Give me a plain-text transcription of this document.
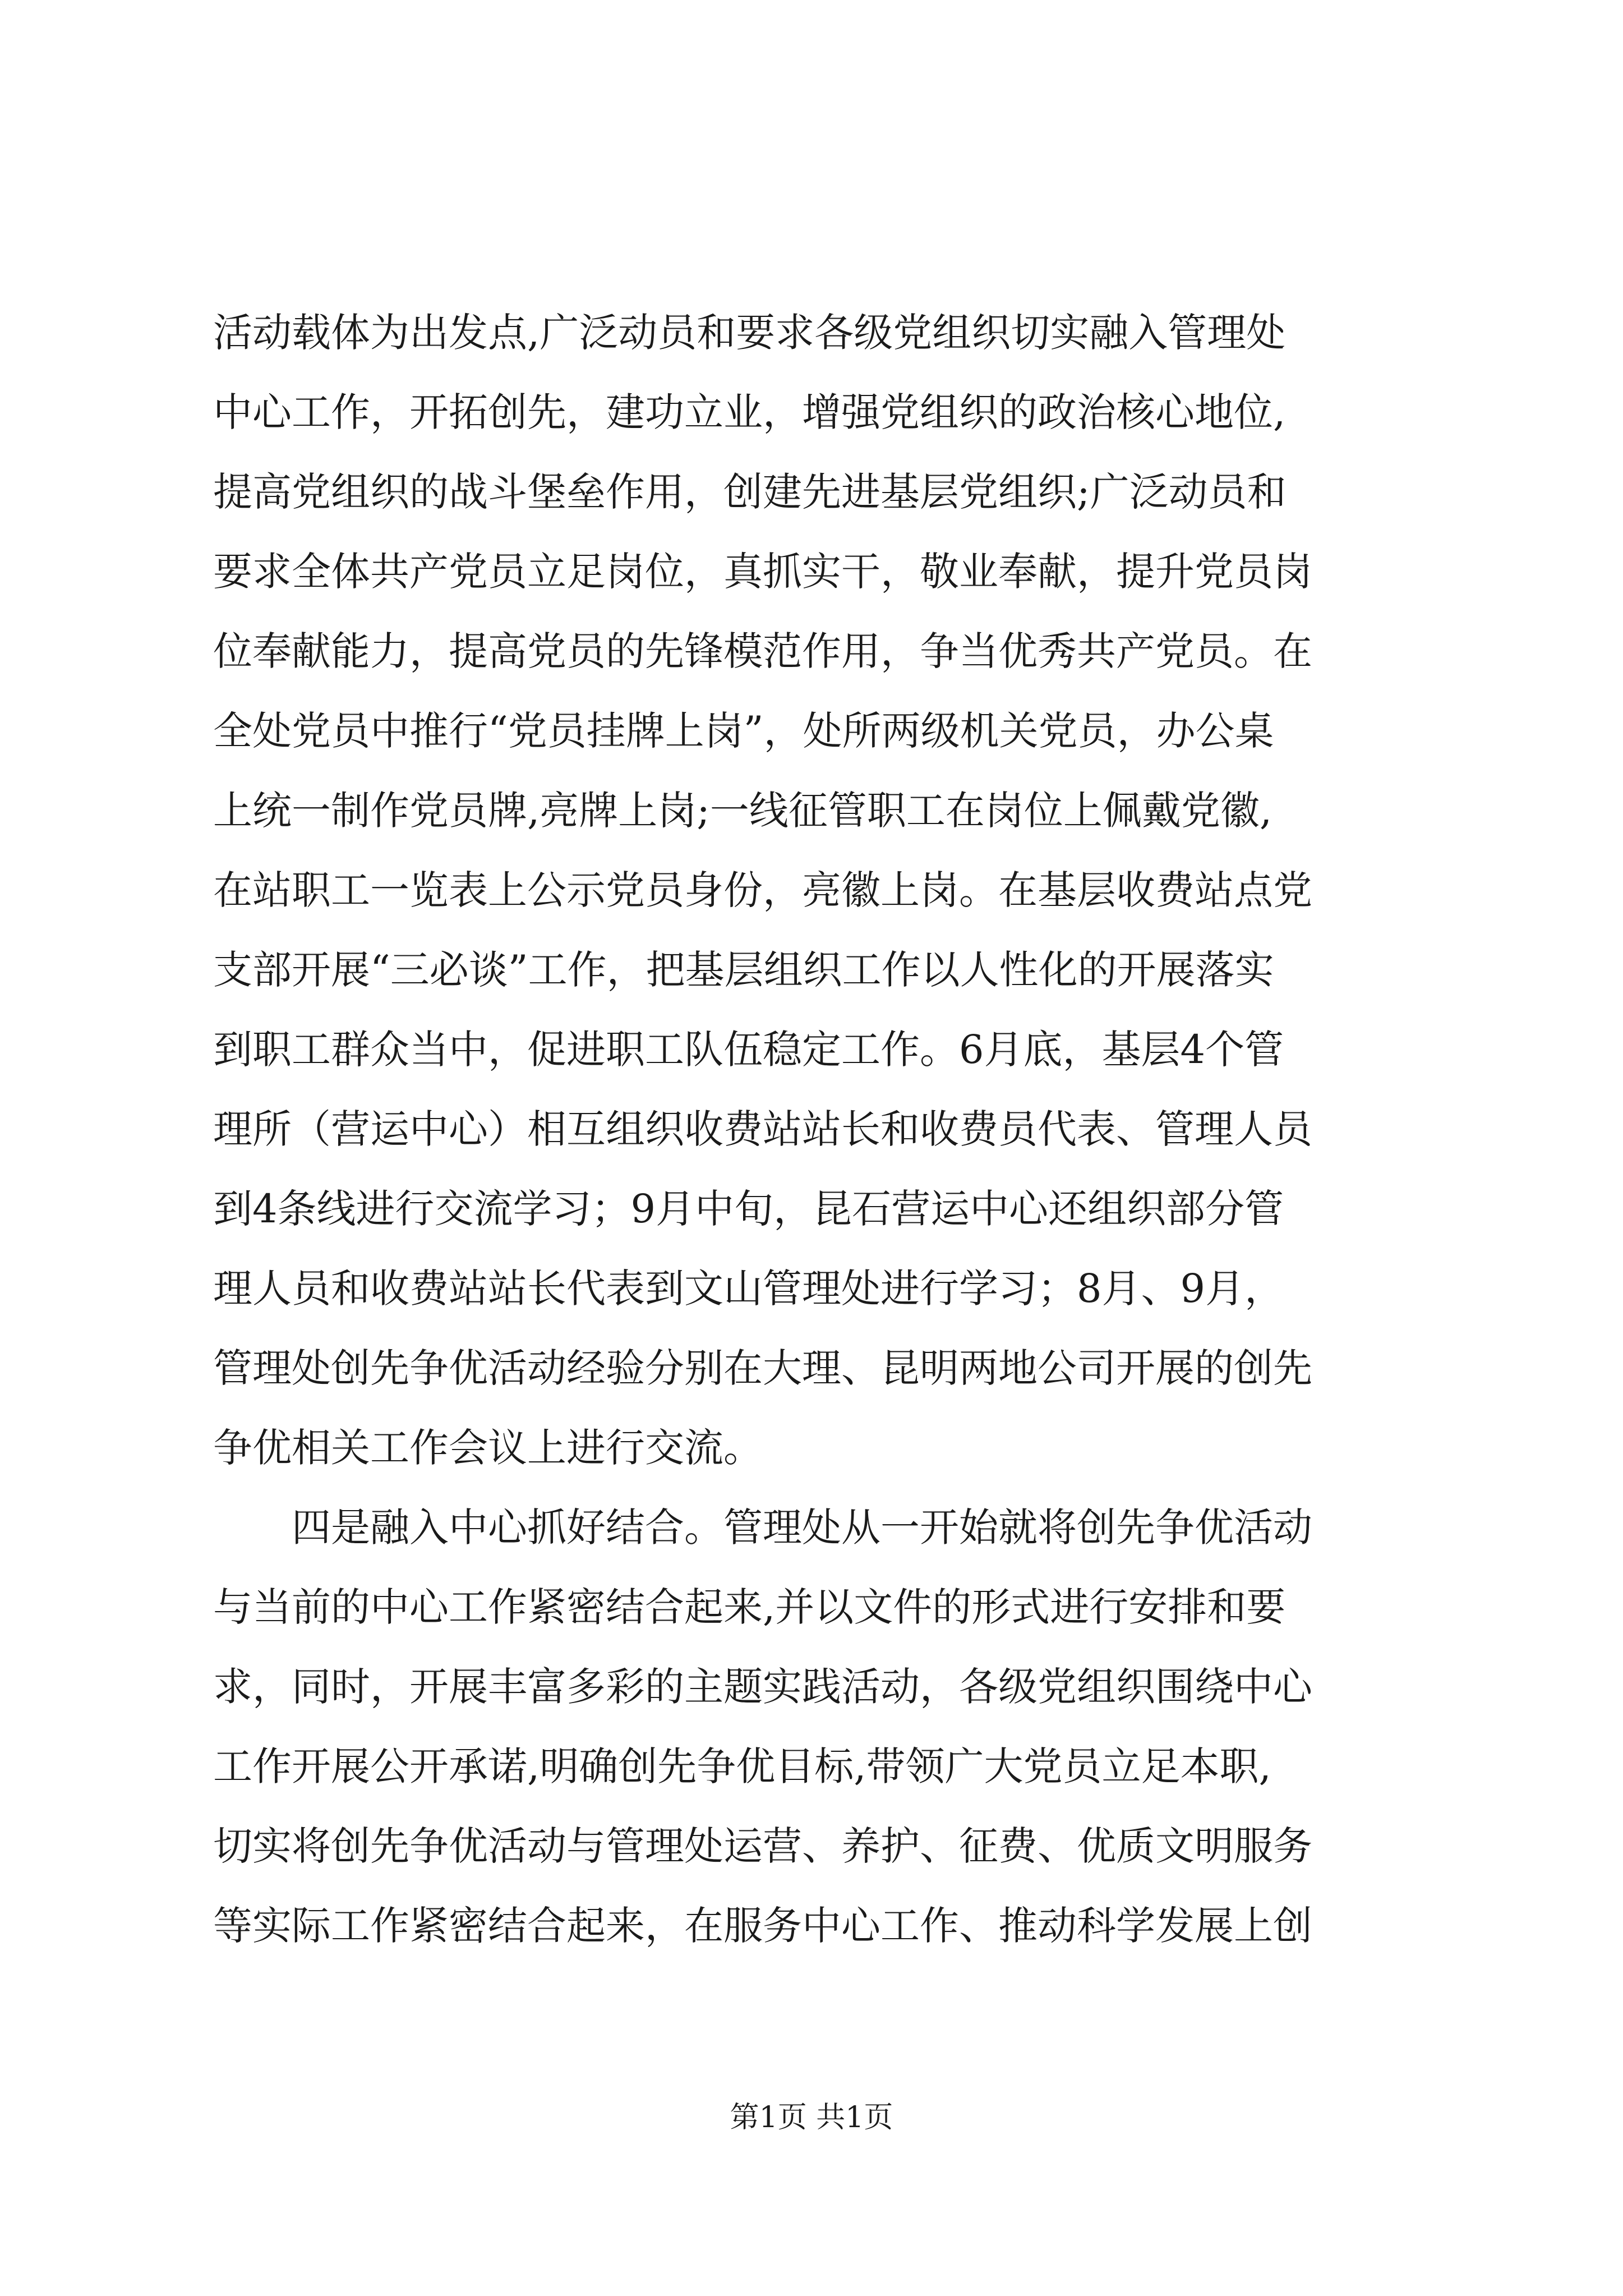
活动载体为出发点,广泛动员和要求各级党组织切实融入管理处
中心工作，开拓创先，建功立业，增强党组织的政治核心地位,
提高党组织的战斗堡垒作用，创建先进基层党组织;广泛动员和
要求全体共产党员立足岗位，真抓实干，敬业奉献，提升党员岗
位奉献能力，提高党员的先锋模范作用，争当优秀共产党员。在
全处党员中推行“党员挂牌上岗”，处所两级机关党员，办公桌
上统一制作党员牌,亮牌上岗;一线征管职工在岗位上佩戴党徽,
在站职工一览表上公示党员身份，亮徽上岗。在基层收费站点党
支部开展“三必谈”工作，把基层组织工作以人性化的开展落实
到职工群众当中，促进职工队伍稳定工作。6月底，基层4个管
理所（营运中心）相互组织收费站站长和收费员代表、管理人员
到4条线进行交流学习；9月中旬，昆石营运中心还组织部分管
理人员和收费站站长代表到文山管理处进行学习；8月、9月，
管理处创先争优活动经验分别在大理、昆明两地公司开展的创先
争优相关工作会议上进行交流。
　　四是融入中心抓好结合。管理处从一开始就将创先争优活动
与当前的中心工作紧密结合起来,并以文件的形式进行安排和要
求，同时，开展丰富多彩的主题实践活动，各级党组织围绕中心
工作开展公开承诺,明确创先争优目标,带领广大党员立足本职,
切实将创先争优活动与管理处运营、养护、征费、优质文明服务
等实际工作紧密结合起来，在服务中心工作、推动科学发展上创
第1页 共1页
